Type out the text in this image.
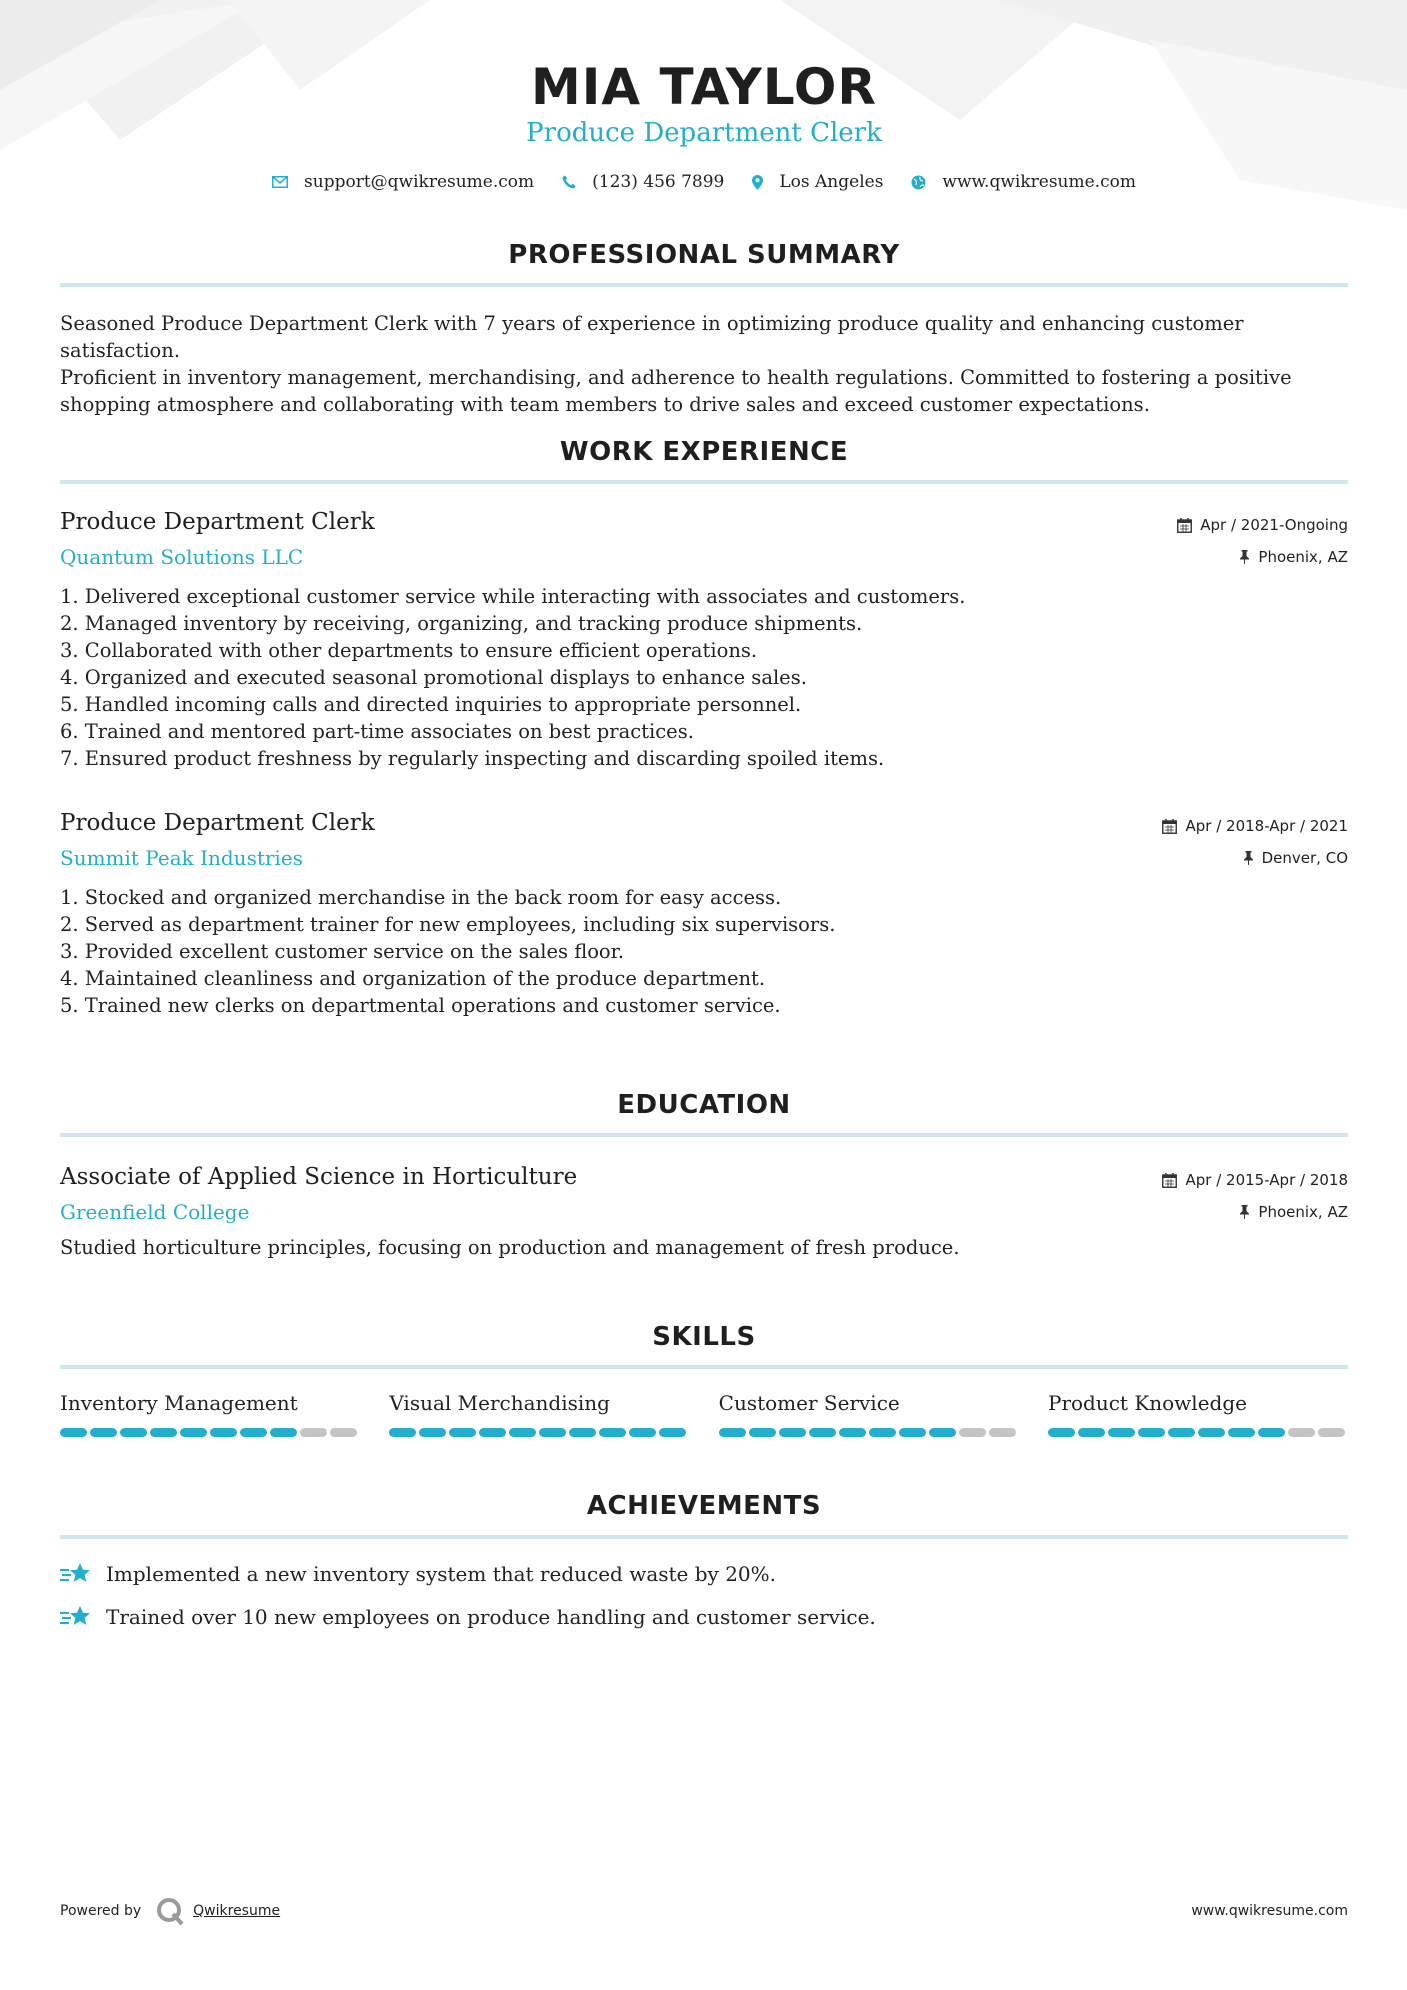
MIA TAYLOR
Produce Department Clerk
support@qwikresume.com	(123) 456 7899	Los Angeles	www.qwikresume.com
PROFESSIONAL SUMMARY
Seasoned Produce Department Clerk with 7 years of experience in optimizing produce quality and enhancing customer satisfaction.
Proficient in inventory management, merchandising, and adherence to health regulations. Committed to fostering a positive
shopping atmosphere and collaborating with team members to drive sales and exceed customer expectations.
WORK EXPERIENCE
Produce Department Clerk
Quantum Solutions LLC
Apr / 2021-Ongoing
Phoenix, AZ
1. Delivered exceptional customer service while interacting with associates and customers.
2. Managed inventory by receiving, organizing, and tracking produce shipments.
3. Collaborated with other departments to ensure efficient operations.
4. Organized and executed seasonal promotional displays to enhance sales.
5. Handled incoming calls and directed inquiries to appropriate personnel.
6. Trained and mentored part-time associates on best practices.
7. Ensured product freshness by regularly inspecting and discarding spoiled items.
Produce Department Clerk
Summit Peak Industries
Apr / 2018-Apr / 2021
Denver, CO
1. Stocked and organized merchandise in the back room for easy access.
2. Served as department trainer for new employees, including six supervisors.
3. Provided excellent customer service on the sales floor.
4. Maintained cleanliness and organization of the produce department.
5. Trained new clerks on departmental operations and customer service.
EDUCATION
Associate of Applied Science in Horticulture
Greenfield College
Apr / 2015-Apr / 2018
Phoenix, AZ
Studied horticulture principles, focusing on production and management of fresh produce.
SKILLS
Inventory Management	Visual Merchandising	Customer Service	Product Knowledge
ACHIEVEMENTS
Implemented a new inventory system that reduced waste by 20%.
Trained over 10 new employees on produce handling and customer service.
Powered by	Qwikresume	www.qwikresume.com
